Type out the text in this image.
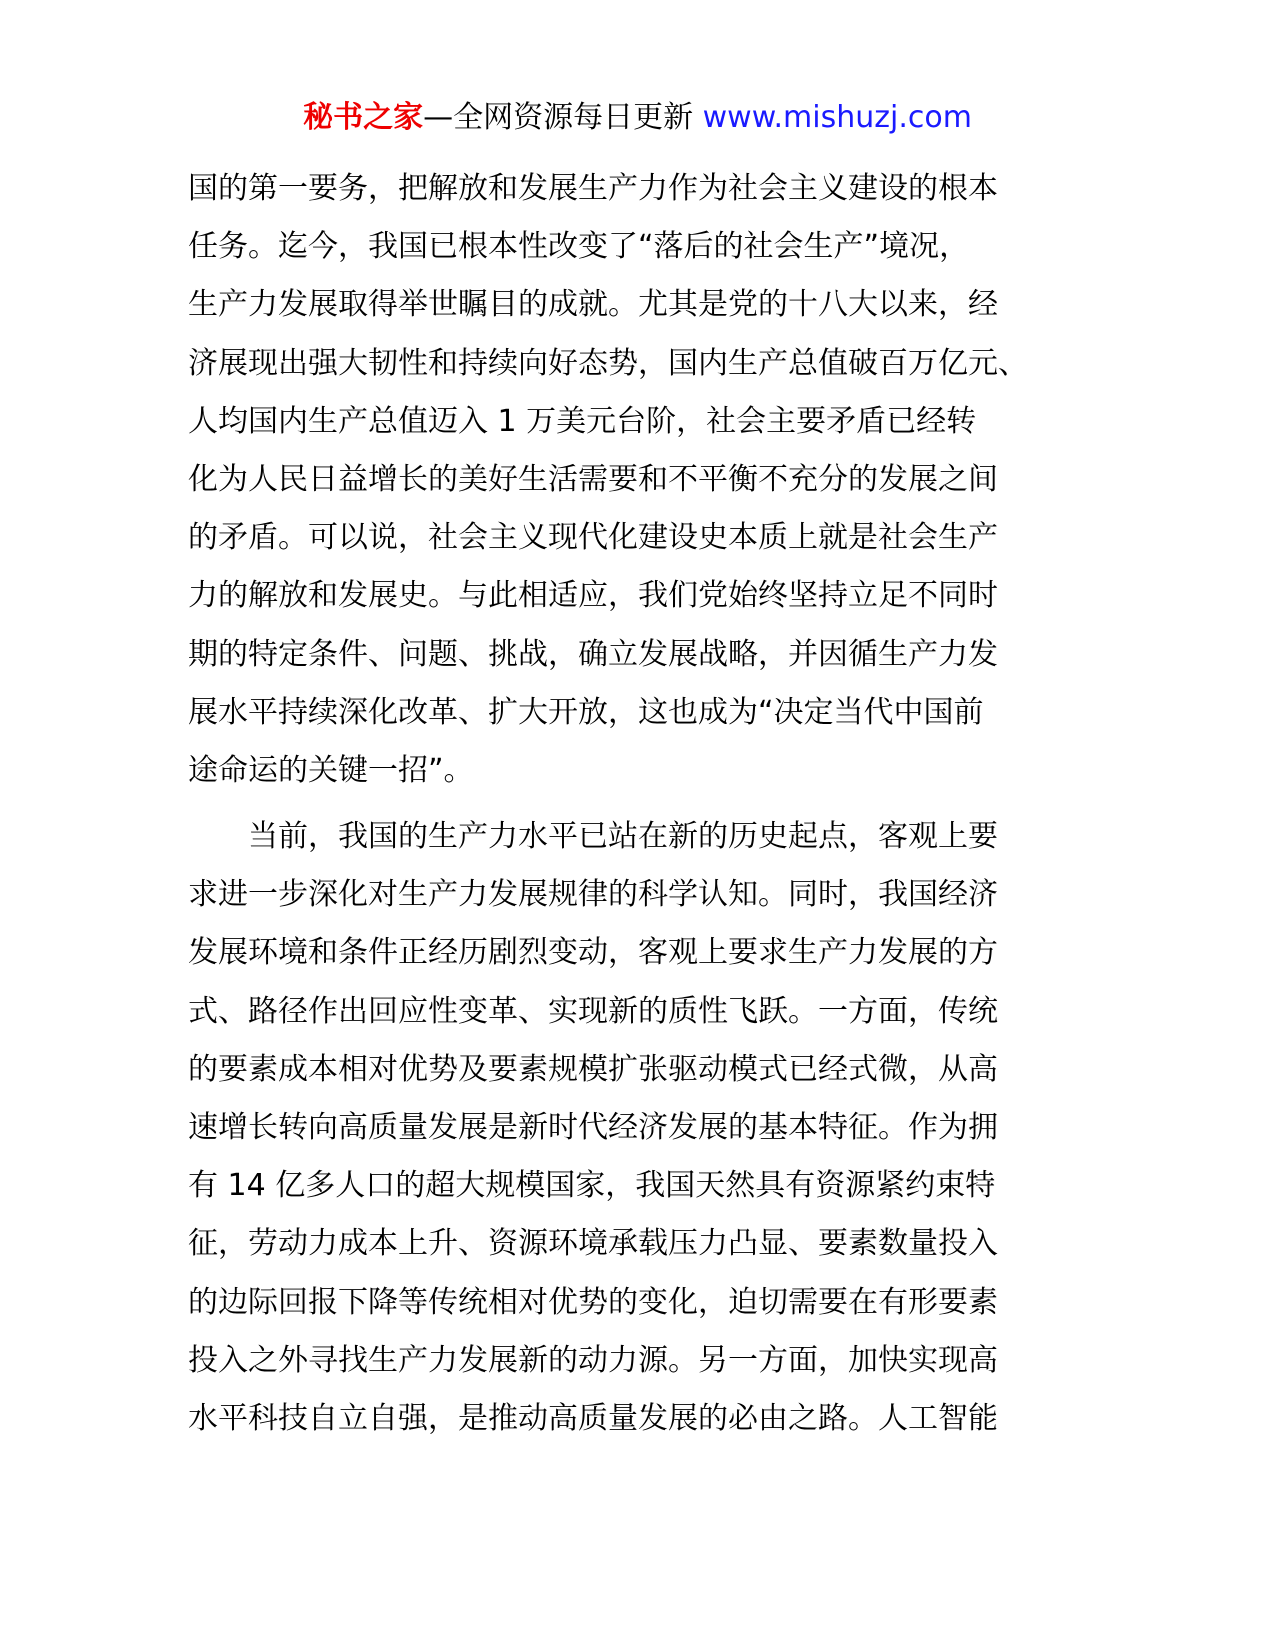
秘书之家—全网资源每日更新 www.mishuzj.com
国的第一要务，把解放和发展生产力作为社会主义建设的根本
任务。迄今，我国已根本性改变了“落后的社会生产”境况，
生产力发展取得举世瞩目的成就。尤其是党的十八大以来，经
济展现出强大韧性和持续向好态势，国内生产总值破百万亿元、
人均国内生产总值迈入 1 万美元台阶，社会主要矛盾已经转
化为人民日益增长的美好生活需要和不平衡不充分的发展之间
的矛盾。可以说，社会主义现代化建设史本质上就是社会生产
力的解放和发展史。与此相适应，我们党始终坚持立足不同时
期的特定条件、问题、挑战，确立发展战略，并因循生产力发
展水平持续深化改革、扩大开放，这也成为“决定当代中国前
途命运的关键一招”。
　　当前，我国的生产力水平已站在新的历史起点，客观上要
求进一步深化对生产力发展规律的科学认知。同时，我国经济
发展环境和条件正经历剧烈变动，客观上要求生产力发展的方
式、路径作出回应性变革、实现新的质性飞跃。一方面，传统
的要素成本相对优势及要素规模扩张驱动模式已经式微，从高
速增长转向高质量发展是新时代经济发展的基本特征。作为拥
有 14 亿多人口的超大规模国家，我国天然具有资源紧约束特
征，劳动力成本上升、资源环境承载压力凸显、要素数量投入
的边际回报下降等传统相对优势的变化，迫切需要在有形要素
投入之外寻找生产力发展新的动力源。另一方面，加快实现高
水平科技自立自强，是推动高质量发展的必由之路。人工智能
